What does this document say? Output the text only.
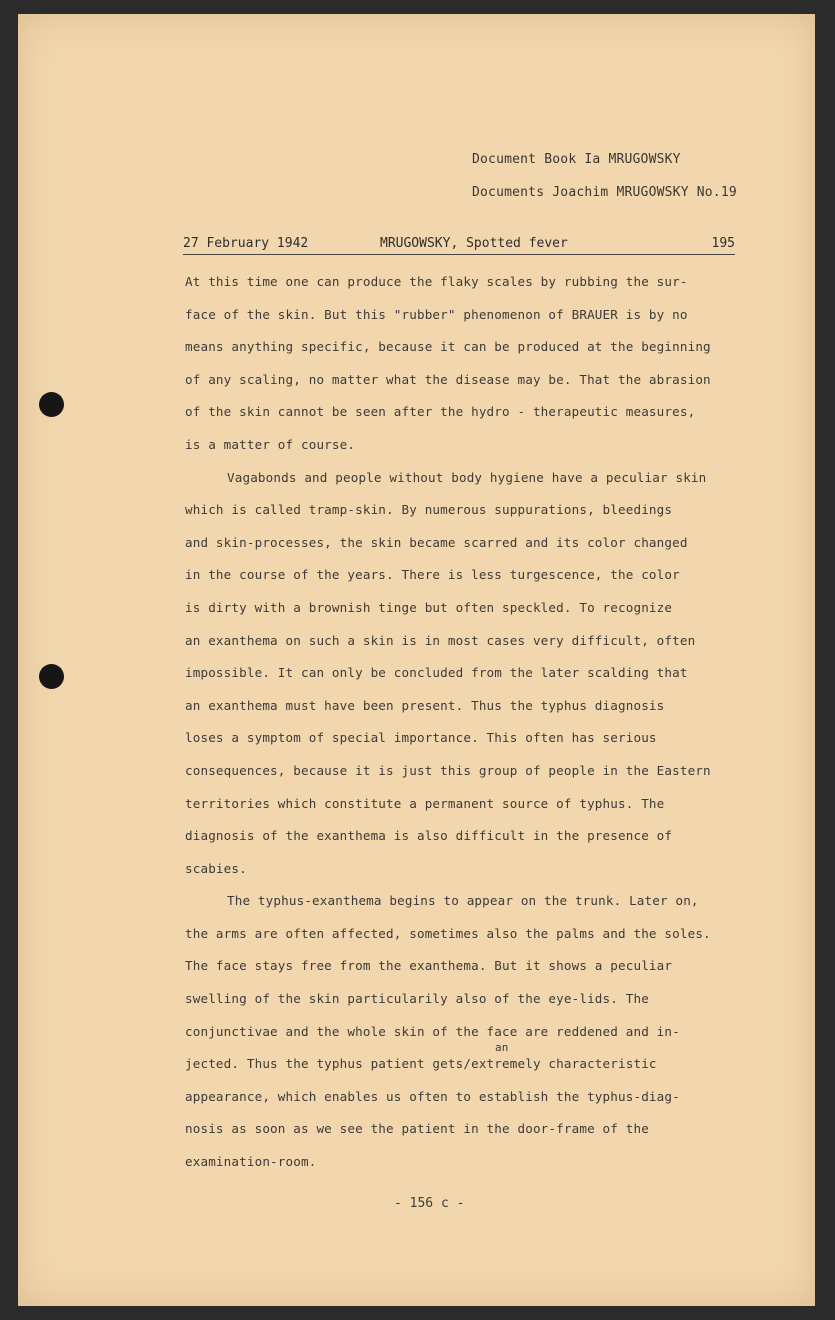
Document Book Ia MRUGOWSKY
Documents Joachim MRUGOWSKY No.19
27 February 1942	MRUGOWSKY, Spotted fever	195
At this time one can produce the flaky scales by rubbing the sur-
face of the skin. But this "rubber" phenomenon of BRAUER is by no
means anything specific, because it can be produced at the beginning
of any scaling, no matter what the disease may be. That the abrasion
of the skin cannot be seen after the hydro - therapeutic measures,
is a matter of course.
Vagabonds and people without body hygiene have a peculiar skin
which is called tramp-skin. By numerous suppurations, bleedings
and skin-processes, the skin became scarred and its color changed
in the course of the years. There is less turgescence, the color
is dirty with a brownish tinge but often speckled. To recognize
an exanthema on such a skin is in most cases very difficult, often
impossible. It can only be concluded from the later scalding that
an exanthema must have been present. Thus the typhus diagnosis
loses a symptom of special importance. This often has serious
consequences, because it is just this group of people in the Eastern
territories which constitute a permanent source of typhus. The
diagnosis of the exanthema is also difficult in the presence of
scabies.
The typhus-exanthema begins to appear on the trunk. Later on,
the arms are often affected, sometimes also the palms and the soles.
The face stays free from the exanthema. But it shows a peculiar
swelling of the skin particularily also of the eye-lids. The
conjunctivae and the whole skin of the face are reddened and in-
an
jected. Thus the typhus patient gets/extremely characteristic
appearance, which enables us often to establish the typhus-diag-
nosis as soon as we see the patient in the door-frame of the
examination-room.
- 156 c -
